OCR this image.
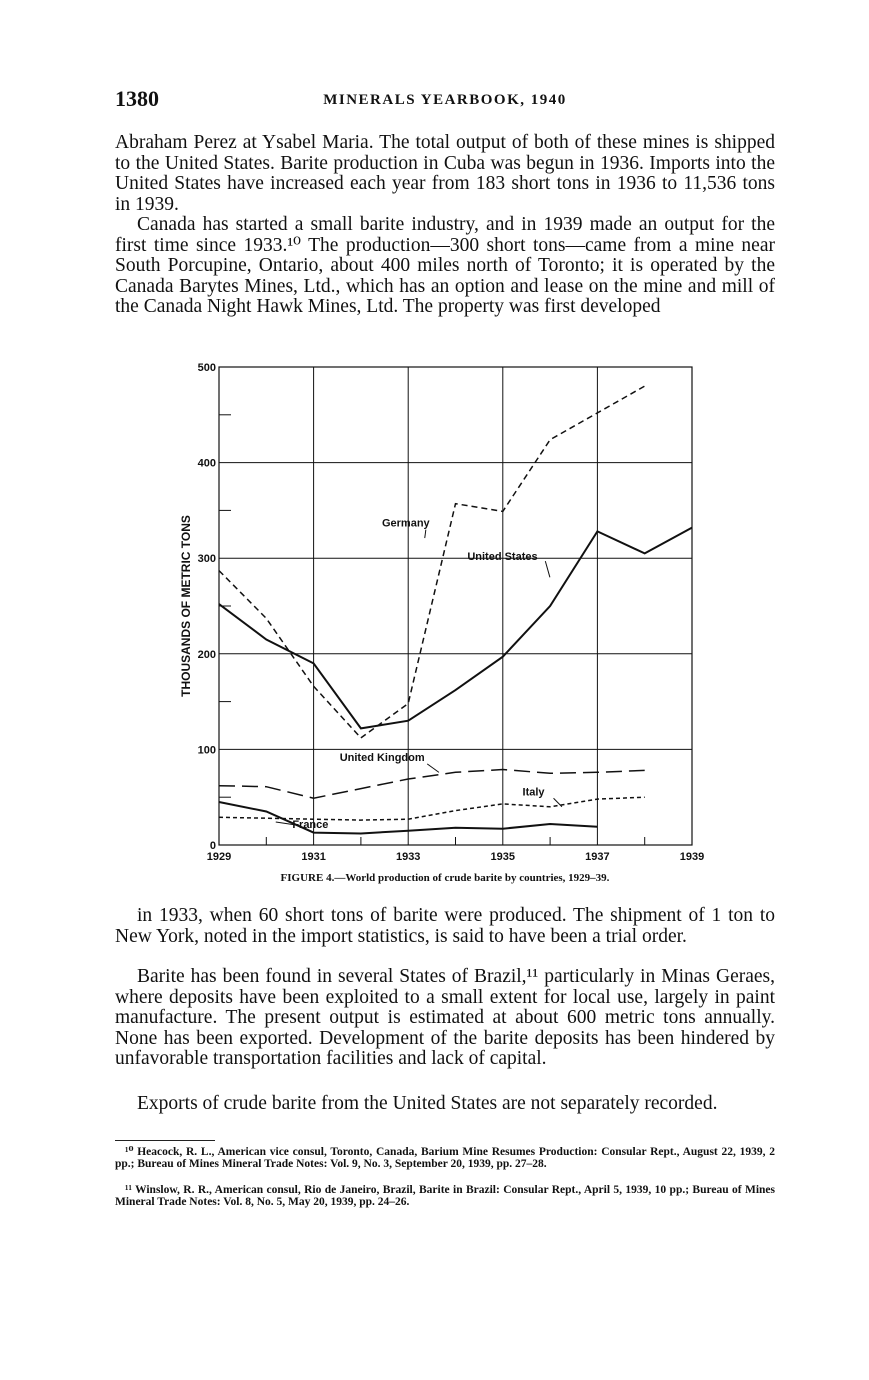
1380	MINERALS YEARBOOK, 1940

Abraham Perez at Ysabel Maria. The total output of both of these mines is shipped to the United States. Barite production in Cuba was begun in 1936. Imports into the United States have increased each year from 183 short tons in 1936 to 11,536 tons in 1939.

Canada has started a small barite industry, and in 1939 made an output for the first time since 1933.¹⁰ The production—300 short tons—came from a mine near South Porcupine, Ontario, about 400 miles north of Toronto; it is operated by the Canada Barytes Mines, Ltd., which has an option and lease on the mine and mill of the Canada Night Hawk Mines, Ltd. The property was first developed

1929	1931	1933	1935	1937	1939
0
100
200
300
400
500
THOUSANDS OF METRIC TONS	Germany
United States
United Kingdom
Italy
France
FIGURE 4.—World production of crude barite by countries, 1929–39.

in 1933, when 60 short tons of barite were produced. The shipment of 1 ton to New York, noted in the import statistics, is said to have been a trial order.

Barite has been found in several States of Brazil,¹¹ particularly in Minas Geraes, where deposits have been exploited to a small extent for local use, largely in paint manufacture. The present output is estimated at about 600 metric tons annually. None has been exported. Development of the barite deposits has been hindered by unfavorable transportation facilities and lack of capital.

Exports of crude barite from the United States are not separately recorded.

¹⁰ Heacock, R. L., American vice consul, Toronto, Canada, Barium Mine Resumes Production: Consular Rept., August 22, 1939, 2 pp.; Bureau of Mines Mineral Trade Notes: Vol. 9, No. 3, September 20, 1939, pp. 27–28.

¹¹ Winslow, R. R., American consul, Rio de Janeiro, Brazil, Barite in Brazil: Consular Rept., April 5, 1939, 10 pp.; Bureau of Mines Mineral Trade Notes: Vol. 8, No. 5, May 20, 1939, pp. 24–26.
